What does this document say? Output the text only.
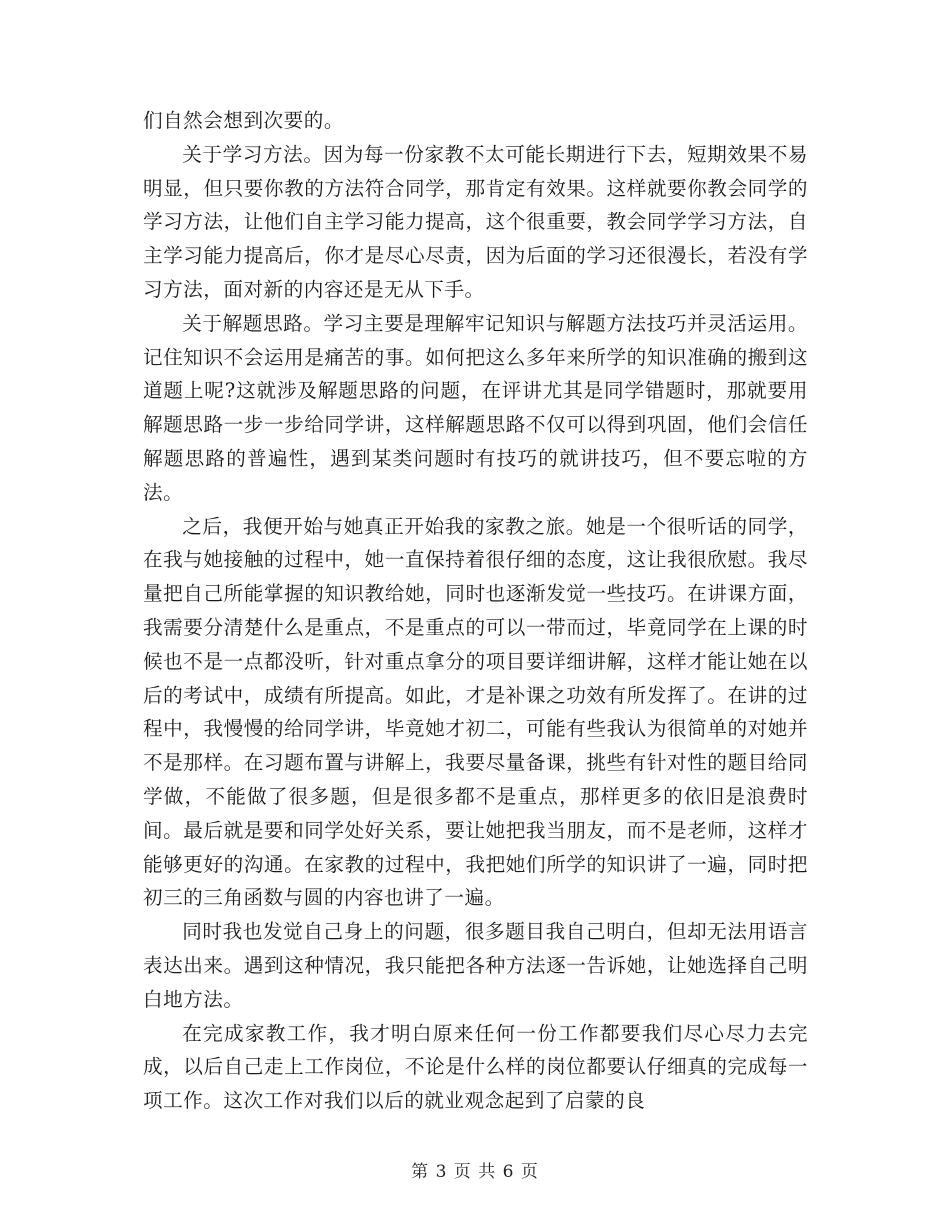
们自然会想到次要的。

关于学习方法。因为每一份家教不太可能长期进行下去，短期效果不易明显，但只要你教的方法符合同学，那肯定有效果。这样就要你教会同学的学习方法，让他们自主学习能力提高，这个很重要，教会同学学习方法，自主学习能力提高后，你才是尽心尽责，因为后面的学习还很漫长，若没有学习方法，面对新的内容还是无从下手。

关于解题思路。学习主要是理解牢记知识与解题方法技巧并灵活运用。记住知识不会运用是痛苦的事。如何把这么多年来所学的知识准确的搬到这道题上呢?这就涉及解题思路的问题，在评讲尤其是同学错题时，那就要用解题思路一步一步给同学讲，这样解题思路不仅可以得到巩固，他们会信任解题思路的普遍性，遇到某类问题时有技巧的就讲技巧，但不要忘啦的方法。

之后，我便开始与她真正开始我的家教之旅。她是一个很听话的同学，在我与她接触的过程中，她一直保持着很仔细的态度，这让我很欣慰。我尽量把自己所能掌握的知识教给她，同时也逐渐发觉一些技巧。在讲课方面，我需要分清楚什么是重点，不是重点的可以一带而过，毕竟同学在上课的时候也不是一点都没听，针对重点拿分的项目要详细讲解，这样才能让她在以后的考试中，成绩有所提高。如此，才是补课之功效有所发挥了。在讲的过程中，我慢慢的给同学讲，毕竟她才初二，可能有些我认为很简单的对她并不是那样。在习题布置与讲解上，我要尽量备课，挑些有针对性的题目给同学做，不能做了很多题，但是很多都不是重点，那样更多的依旧是浪费时间。最后就是要和同学处好关系，要让她把我当朋友，而不是老师，这样才能够更好的沟通。在家教的过程中，我把她们所学的知识讲了一遍，同时把初三的三角函数与圆的内容也讲了一遍。

同时我也发觉自己身上的问题，很多题目我自己明白，但却无法用语言表达出来。遇到这种情况，我只能把各种方法逐一告诉她，让她选择自己明白地方法。

在完成家教工作，我才明白原来任何一份工作都要我们尽心尽力去完成，以后自己走上工作岗位，不论是什么样的岗位都要认仔细真的完成每一项工作。这次工作对我们以后的就业观念起到了启蒙的良

第 3 页 共 6 页
